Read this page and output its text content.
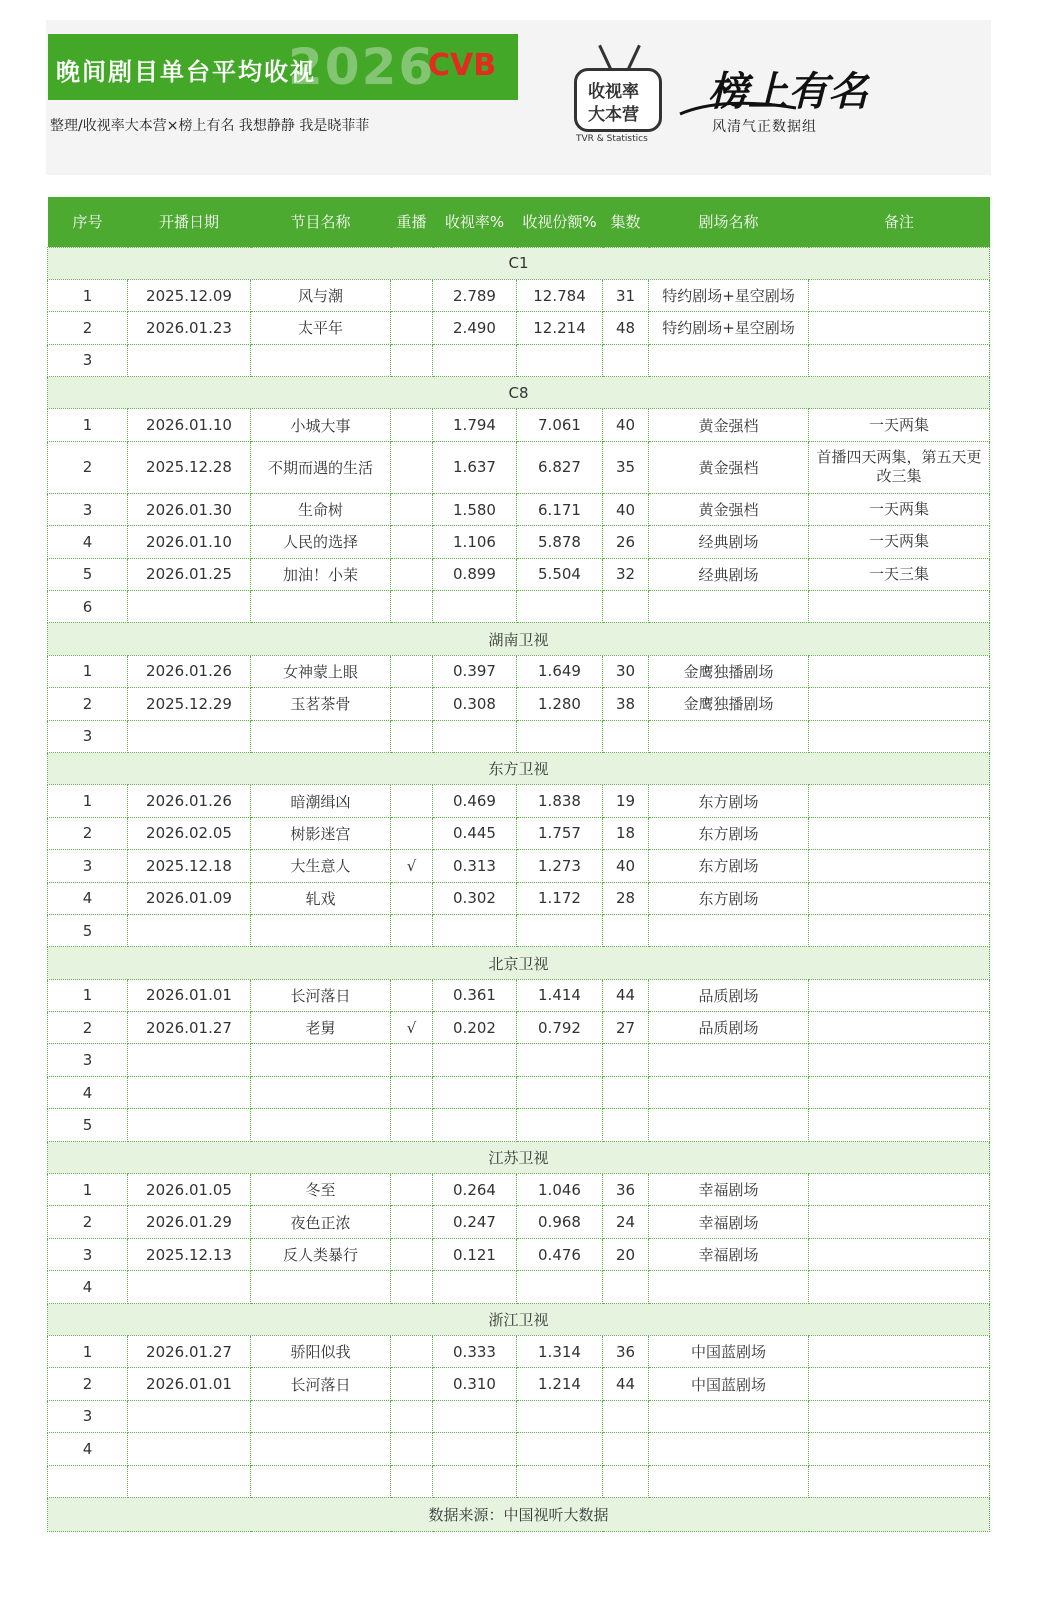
2026
晚间剧目单台平均收视	CVB
整理/收视率大本营×榜上有名 我想静静 我是晓菲菲
收视率
大本营
TVR & Statistics
榜上有名
风清气正数据组
序号	开播日期	节目名称	重播	收视率%	收视份额%	集数	剧场名称	备注
C1								
1	2025.12.09	风与潮		2.789	12.784	31	特约剧场+星空剧场	
2	2026.01.23	太平年		2.490	12.214	48	特约剧场+星空剧场	
3								
C8								
1	2026.01.10	小城大事		1.794	7.061	40	黄金强档	一天两集
2	2025.12.28	不期而遇的生活		1.637	6.827	35	黄金强档	首播四天两集，第五天更改三集
3	2026.01.30	生命树		1.580	6.171	40	黄金强档	一天两集
4	2026.01.10	人民的选择		1.106	5.878	26	经典剧场	一天两集
5	2026.01.25	加油！小茉		0.899	5.504	32	经典剧场	一天三集
6								
湖南卫视								
1	2026.01.26	女神蒙上眼		0.397	1.649	30	金鹰独播剧场	
2	2025.12.29	玉茗茶骨		0.308	1.280	38	金鹰独播剧场	
3								
东方卫视								
1	2026.01.26	暗潮缉凶		0.469	1.838	19	东方剧场	
2	2026.02.05	树影迷宫		0.445	1.757	18	东方剧场	
3	2025.12.18	大生意人	√	0.313	1.273	40	东方剧场	
4	2026.01.09	轧戏		0.302	1.172	28	东方剧场	
5								
北京卫视								
1	2026.01.01	长河落日		0.361	1.414	44	品质剧场	
2	2026.01.27	老舅	√	0.202	0.792	27	品质剧场	
3								
4								
5								
江苏卫视								
1	2026.01.05	冬至		0.264	1.046	36	幸福剧场	
2	2026.01.29	夜色正浓		0.247	0.968	24	幸福剧场	
3	2025.12.13	反人类暴行		0.121	0.476	20	幸福剧场	
4								
浙江卫视								
1	2026.01.27	骄阳似我		0.333	1.314	36	中国蓝剧场	
2	2026.01.01	长河落日		0.310	1.214	44	中国蓝剧场	
3								
4								

数据来源：中国视听大数据								
